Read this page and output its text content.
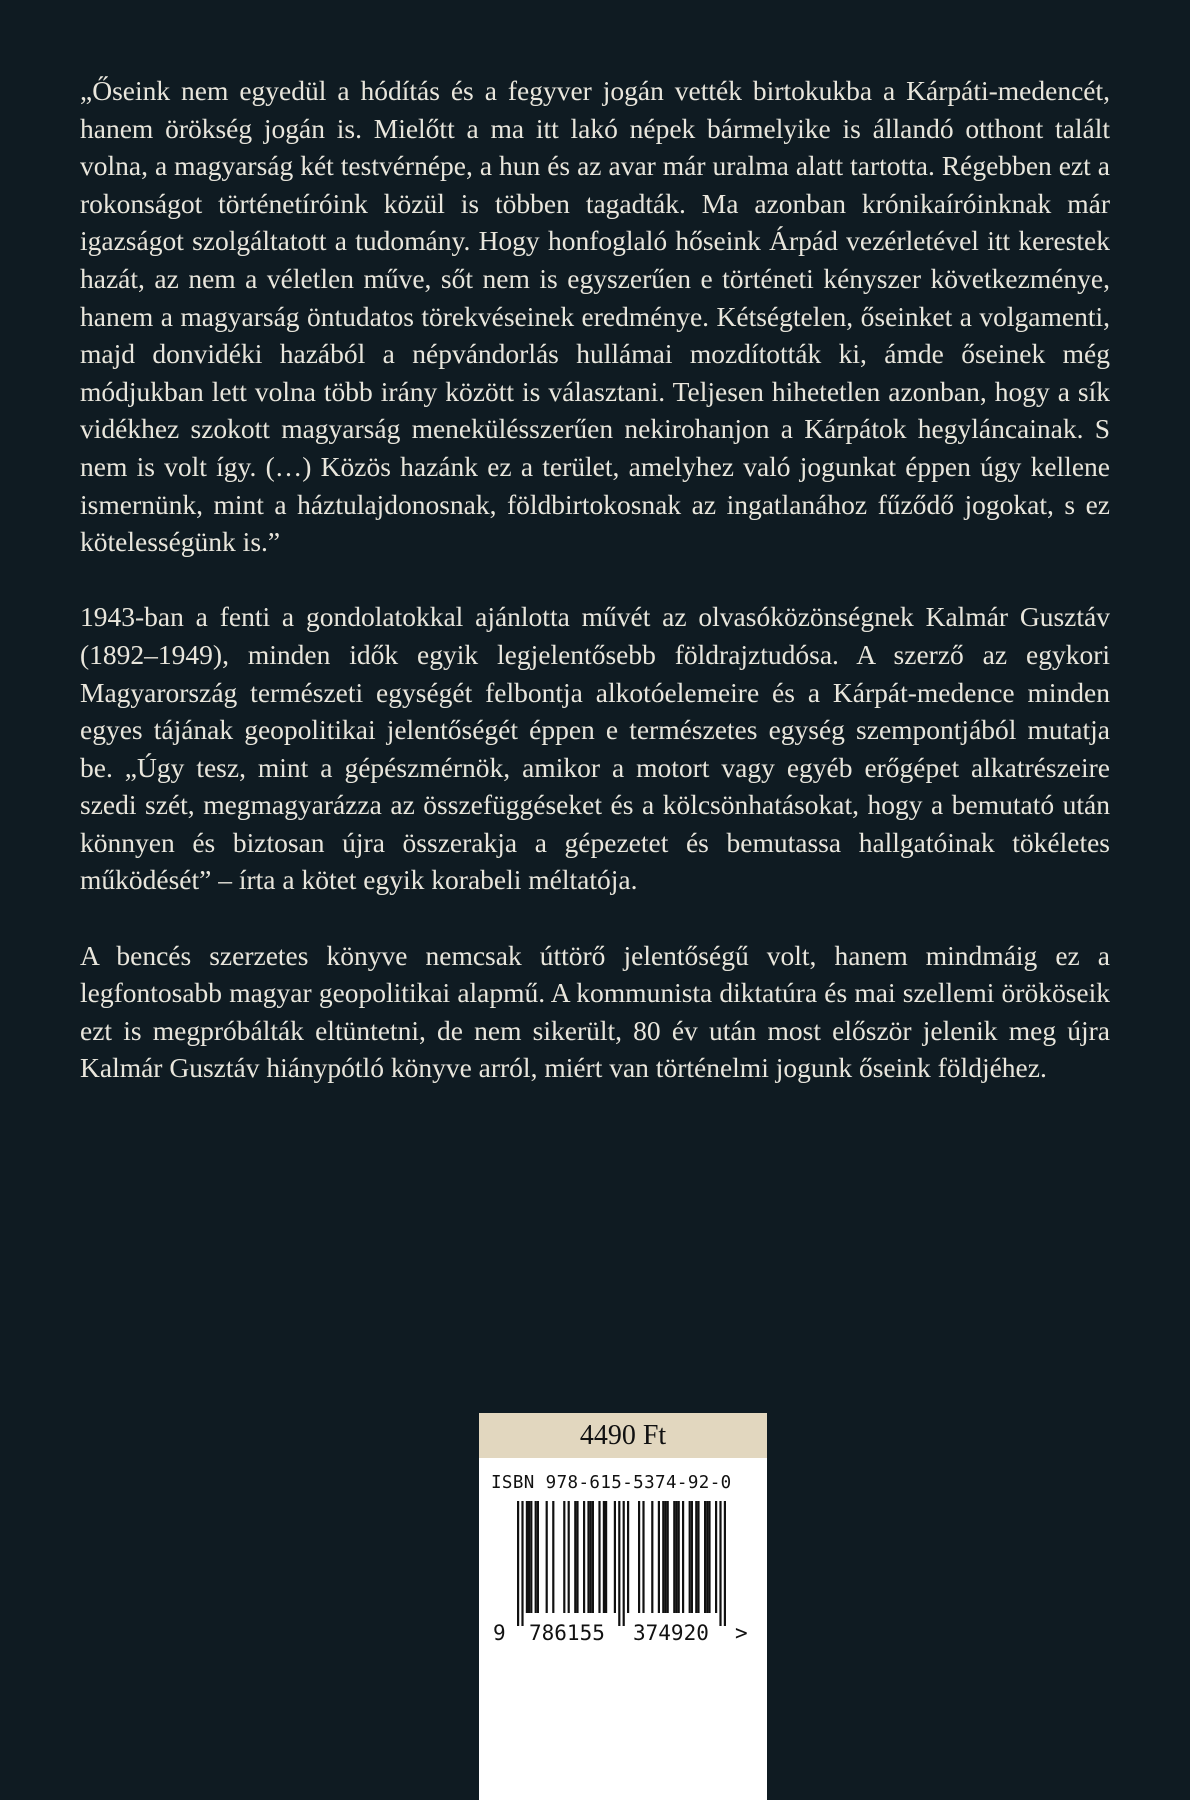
„Őseink nem egyedül a hódítás és a fegyver jogán vették birtokukba a Kárpáti-medencét, hanem örökség jogán is. Mielőtt a ma itt lakó népek bármelyike is állandó otthont talált volna, a magyarság két testvérnépe, a hun és az avar már uralma alatt tartotta. Régebben ezt a rokonságot történetíróink közül is többen tagadták. Ma azonban krónikaíróinknak már igazságot szolgáltatott a tudomány. Hogy honfoglaló hőseink Árpád vezérletével itt kerestek hazát, az nem a véletlen műve, sőt nem is egyszerűen e történeti kényszer következménye, hanem a magyarság öntudatos törekvéseinek eredménye. Kétségtelen, őseinket a volgamenti, majd donvidéki hazából a népvándorlás hullámai mozdították ki, ámde őseinek még módjukban lett volna több irány között is választani. Teljesen hihetetlen azonban, hogy a sík vidékhez szokott magyarság menekülésszerűen nekirohanjon a Kárpátok hegyláncainak. S nem is volt így. (…) Közös hazánk ez a terület, amelyhez való jogunkat éppen úgy kellene ismernünk, mint a háztulajdonosnak, földbirtokosnak az ingatlanához fűződő jogokat, s ez kötelességünk is.”

1943-ban a fenti a gondolatokkal ajánlotta művét az olvasóközönségnek Kalmár Gusztáv (1892–1949), minden idők egyik legjelentősebb földrajztudósa. A szerző az egykori Magyarország természeti egységét felbontja alkotóelemeire és a Kárpát-medence minden egyes tájának geopolitikai jelentőségét éppen e természetes egység szempontjából mutatja be. „Úgy tesz, mint a gépészmérnök, amikor a motort vagy egyéb erőgépet alkatrészeire szedi szét, megmagyarázza az összefüggéseket és a kölcsönhatásokat, hogy a bemutató után könnyen és biztosan újra összerakja a gépezetet és bemutassa hallgatóinak tökéletes működését” – írta a kötet egyik korabeli méltatója.

A bencés szerzetes könyve nemcsak úttörő jelentőségű volt, hanem mindmáig ez a legfontosabb magyar geopolitikai alapmű. A kommunista diktatúra és mai szellemi örököseik ezt is megpróbálták eltüntetni, de nem sikerült, 80 év után most először jelenik meg újra Kalmár Gusztáv hiánypótló könyve arról, miért van történelmi jogunk őseink földjéhez.

4490 Ft
ISBN 978-615-5374-92-0
9 786155 374920 >
